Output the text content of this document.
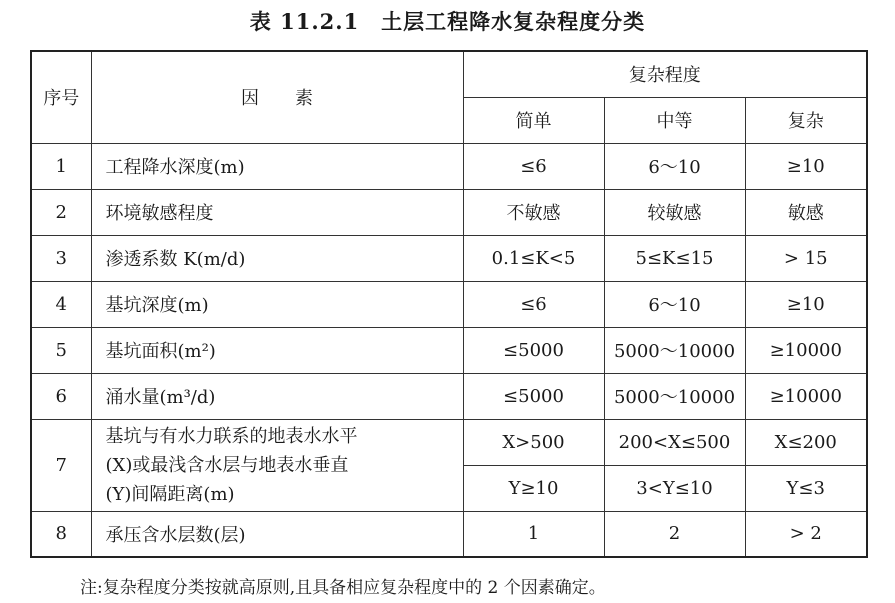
表 11.2.1　土层工程降水复杂程度分类
序号	因　　素	复杂程度		
		简单	中等	复杂
1	工程降水深度(m)	≤6	6～10	≥10
2	环境敏感程度	不敏感	较敏感	敏感
3	渗透系数 K(m/d)	0.1≤K<5	5≤K≤15	> 15
4	基坑深度(m)	≤6	6～10	≥10
5	基坑面积(m²)	≤5000	5000～10000	≥10000
6	涌水量(m³/d)	≤5000	5000～10000	≥10000
7	基坑与有水力联系的地表水水平
(X)或最浅含水层与地表水垂直
(Y)间隔距离(m)	X>500	200<X≤500	X≤200
		Y≥10	3<Y≤10	Y≤3
8	承压含水层数(层)	1	2	> 2
注:复杂程度分类按就高原则,且具备相应复杂程度中的 2 个因素确定。
